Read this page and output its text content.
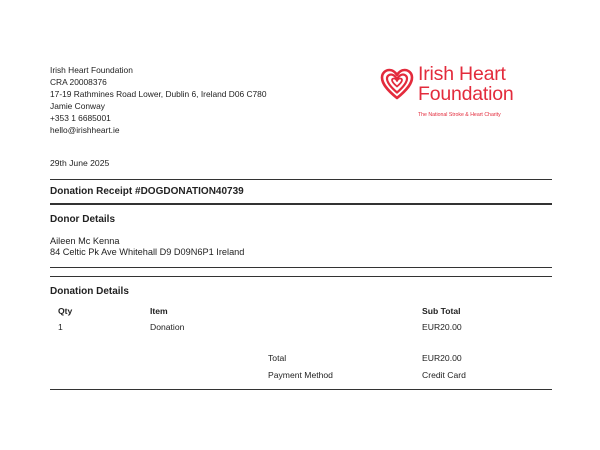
Irish Heart Foundation
CRA 20008376
17-19 Rathmines Road Lower, Dublin 6, Ireland D06 C780
Jamie Conway
+353 1 6685001
hello@irishheart.ie
Irish Heart
Foundation
The National Stroke & Heart Charity
29th June 2025
Donation Receipt #DOGDONATION40739
Donor Details
Aileen Mc Kenna
84 Celtic Pk Ave Whitehall D9 D09N6P1 Ireland
Donation Details
Qty	Item	Sub Total
1	Donation	EUR20.00
Total	EUR20.00
Payment Method	Credit Card
